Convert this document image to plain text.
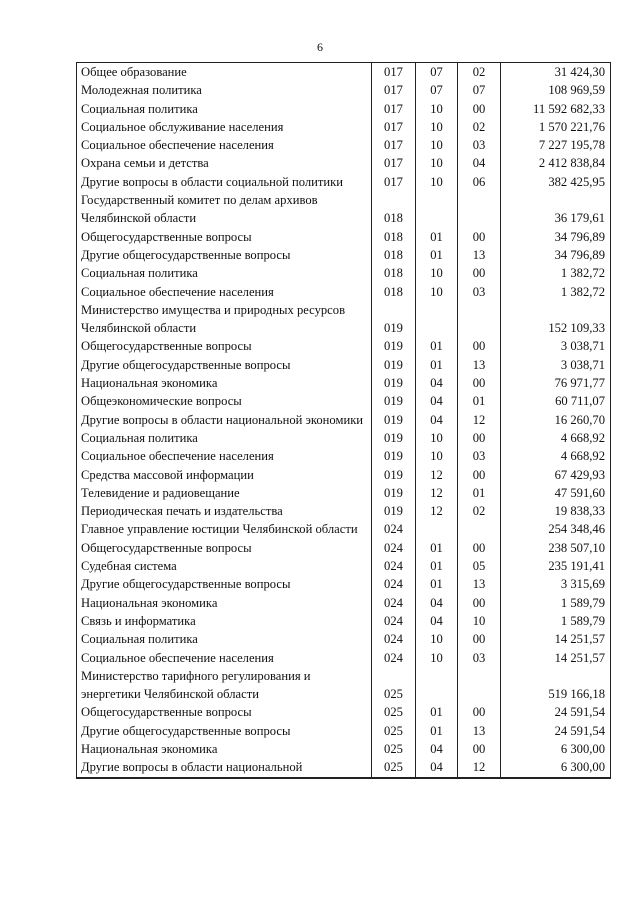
6
Общее образование	017	07	02	31 424,30
Молодежная политика	017	07	07	108 969,59
Социальная политика	017	10	00	11 592 682,33
Социальное обслуживание населения	017	10	02	1 570 221,76
Социальное обеспечение населения	017	10	03	7 227 195,78
Охрана семьи и детства	017	10	04	2 412 838,84
Другие вопросы в области социальной политики	017	10	06	382 425,95
Государственный комитет по делам архивов Челябинской области	018			36 179,61
Общегосударственные вопросы	018	01	00	34 796,89
Другие общегосударственные вопросы	018	01	13	34 796,89
Социальная политика	018	10	00	1 382,72
Социальное обеспечение населения	018	10	03	1 382,72
Министерство имущества и природных ресурсов Челябинской области	019			152 109,33
Общегосударственные вопросы	019	01	00	3 038,71
Другие общегосударственные вопросы	019	01	13	3 038,71
Национальная экономика	019	04	00	76 971,77
Общеэкономические вопросы	019	04	01	60 711,07
Другие вопросы в области национальной экономики	019	04	12	16 260,70
Социальная политика	019	10	00	4 668,92
Социальное обеспечение населения	019	10	03	4 668,92
Средства массовой информации	019	12	00	67 429,93
Телевидение и радиовещание	019	12	01	47 591,60
Периодическая печать и издательства	019	12	02	19 838,33
Главное управление юстиции Челябинской области	024			254 348,46
Общегосударственные вопросы	024	01	00	238 507,10
Судебная система	024	01	05	235 191,41
Другие общегосударственные вопросы	024	01	13	3 315,69
Национальная экономика	024	04	00	1 589,79
Связь и информатика	024	04	10	1 589,79
Социальная политика	024	10	00	14 251,57
Социальное обеспечение населения	024	10	03	14 251,57
Министерство тарифного регулирования и энергетики Челябинской области	025			519 166,18
Общегосударственные вопросы	025	01	00	24 591,54
Другие общегосударственные вопросы	025	01	13	24 591,54
Национальная экономика	025	04	00	6 300,00
Другие вопросы в области национальной	025	04	12	6 300,00
